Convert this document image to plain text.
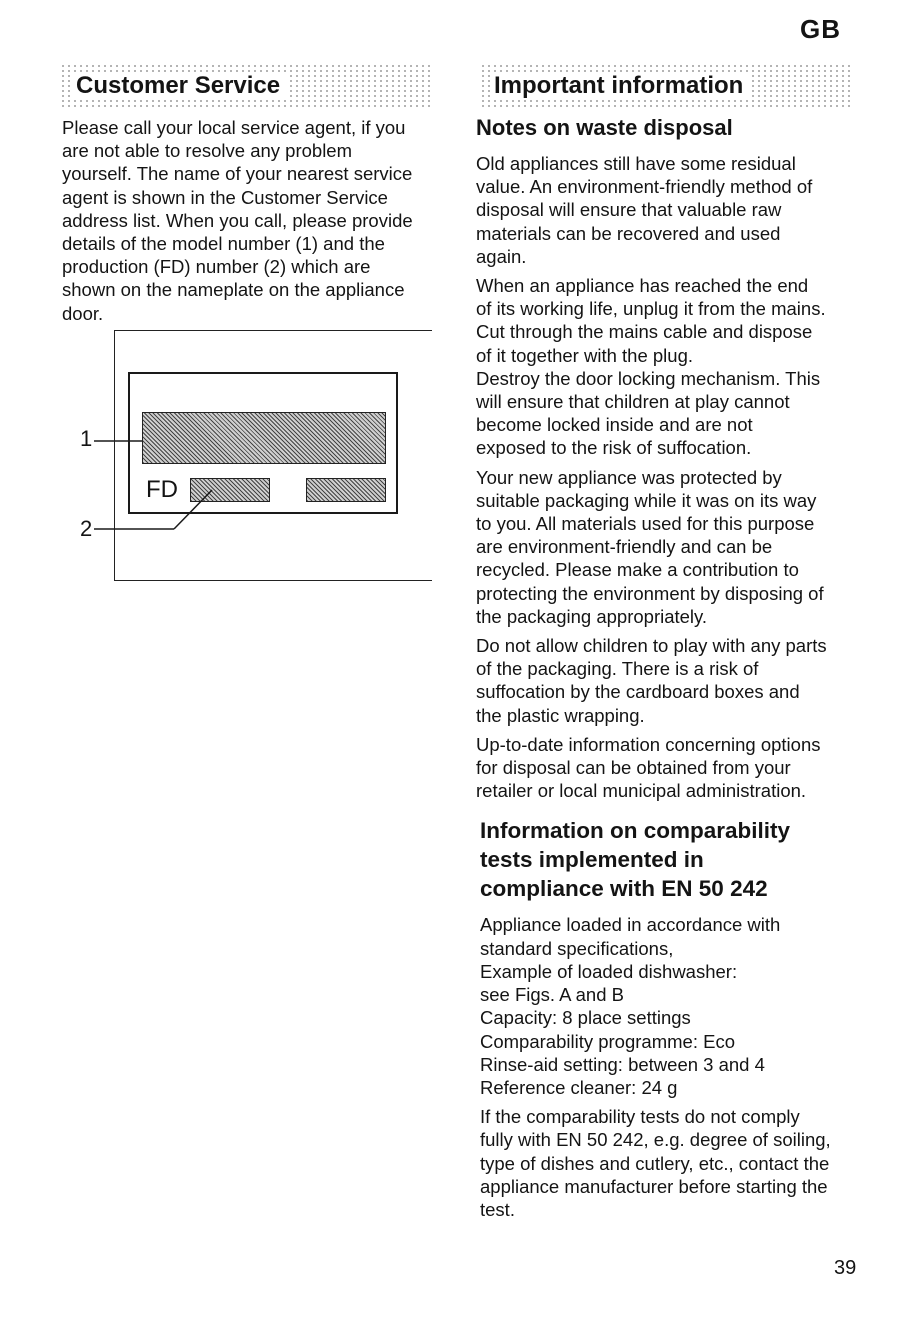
GB
Customer Service	Important information

Please call your local service agent, if you
are not able to resolve any problem
yourself. The name of your nearest service
agent is shown in the Customer Service
address list. When you call, please provide
details of the model number (1) and the
production (FD) number (2) which are
shown on the nameplate on the appliance
door.

FD
1
2
Notes on waste disposal

Old appliances still have some residual
value. An environment-friendly method of
disposal will ensure that valuable raw
materials can be recovered and used
again.

When an appliance has reached the end
of its working life, unplug it from the mains.
Cut through the mains cable and dispose
of it together with the plug.
Destroy the door locking mechanism. This
will ensure that children at play cannot
become locked inside and are not
exposed to the risk of suffocation.

Your new appliance was protected by
suitable packaging while it was on its way
to you. All materials used for this purpose
are environment-friendly and can be
recycled. Please make a contribution to
protecting the environment by disposing of
the packaging appropriately.

Do not allow children to play with any parts
of the packaging. There is a risk of
suffocation by the cardboard boxes and
the plastic wrapping.

Up-to-date information concerning options
for disposal can be obtained from your
retailer or local municipal administration.

Information on comparability
tests implemented in
compliance with EN 50 242

Appliance loaded in accordance with
standard specifications,
Example of loaded dishwasher:
see Figs. A and B
Capacity: 8 place settings
Comparability programme: Eco
Rinse-aid setting: between 3 and 4
Reference cleaner: 24 g

If the comparability tests do not comply
fully with EN 50 242, e.g. degree of soiling,
type of dishes and cutlery, etc., contact the
appliance manufacturer before starting the
test.

39
